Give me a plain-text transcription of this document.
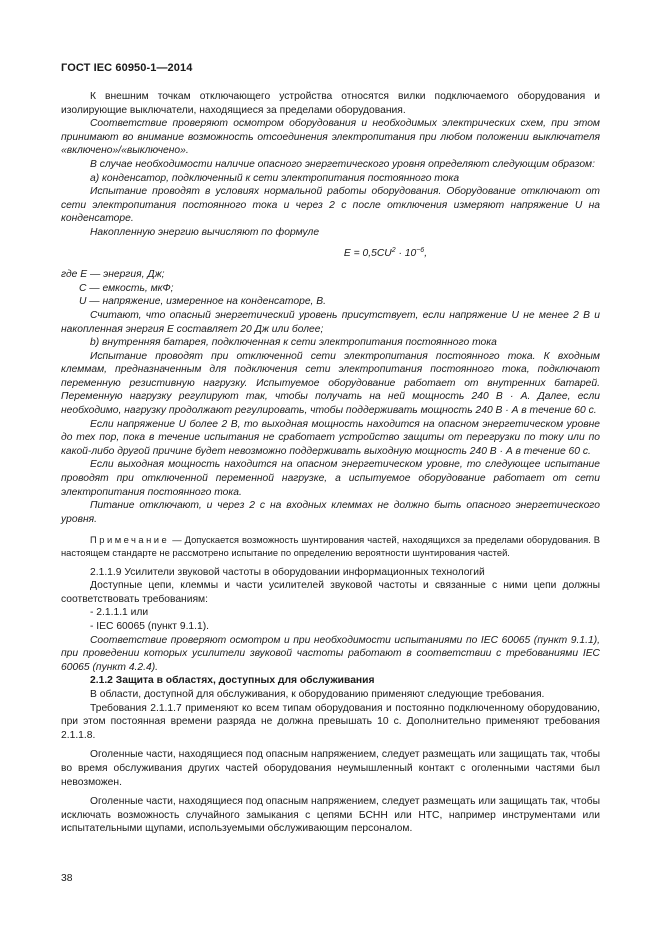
ГОСТ IEC 60950-1—2014

К внешним точкам отключающего устройства относятся вилки подключаемого оборудования и изолирующие выключатели, находящиеся за пределами оборудования.

Соответствие проверяют осмотром оборудования и необходимых электрических схем, при этом принимают во внимание возможность отсоединения электропитания при любом положении выключателя «включено»/«выключено».

В случае необходимости наличие опасного энергетического уровня определяют следующим образом:

а) конденсатор, подключенный к сети электропитания постоянного тока

Испытание проводят в условиях нормальной работы оборудования. Оборудование отключают от сети электропитания постоянного тока и через 2 с после отключения измеряют напряжение U на конденсаторе.

Накопленную энергию вычисляют по формуле

$E = 0,5CU^2 \cdot 10^{-6}$,

где E — энергия, Дж;

C — емкость, мкФ;

U — напряжение, измеренное на конденсаторе, В.

Считают, что опасный энергетический уровень присутствует, если напряжение U не менее 2 В и накопленная энергия E составляет 20 Дж или более;

b) внутренняя батарея, подключенная к сети электропитания постоянного тока

Испытание проводят при отключенной сети электропитания постоянного тока. К входным клеммам, предназначенным для подключения сети электропитания постоянного тока, подключают переменную резистивную нагрузку. Испытуемое оборудование работает от внутренних батарей. Переменную нагрузку регулируют так, чтобы получать на ней мощность 240 В · А. Далее, если необходимо, нагрузку продолжают регулировать, чтобы поддерживать мощность 240 В · А в течение 60 с.

Если напряжение U более 2 В, то выходная мощность находится на опасном энергетическом уровне до тех пор, пока в течение испытания не сработает устройство защиты от перегрузки по току или по какой-либо другой причине будет невозможно поддерживать выходную мощность 240 В · А в течение 60 с.

Если выходная мощность находится на опасном энергетическом уровне, то следующее испытание проводят при отключенной переменной нагрузке, а испытуемое оборудование работает от сети электропитания постоянного тока.

Питание отключают, и через 2 с на входных клеммах не должно быть опасного энергетического уровня.

Примечание — Допускается возможность шунтирования частей, находящихся за пределами оборудования. В настоящем стандарте не рассмотрено испытание по определению вероятности шунтирования частей.

2.1.1.9 Усилители звуковой частоты в оборудовании информационных технологий

Доступные цепи, клеммы и части усилителей звуковой частоты и связанные с ними цепи должны соответствовать требованиям:

- 2.1.1.1 или

- IEC 60065 (пункт 9.1.1).

Соответствие проверяют осмотром и при необходимости испытаниями по IEC 60065 (пункт 9.1.1), при проведении которых усилители звуковой частоты работают в соответствии с требованиями IEC 60065 (пункт 4.2.4).

2.1.2 Защита в областях, доступных для обслуживания

В области, доступной для обслуживания, к оборудованию применяют следующие требования.

Требования 2.1.1.7 применяют ко всем типам оборудования и постоянно подключенному оборудованию, при этом постоянная времени разряда не должна превышать 10 с. Дополнительно применяют требования 2.1.1.8.

Оголенные части, находящиеся под опасным напряжением, следует размещать или защищать так, чтобы во время обслуживания других частей оборудования неумышленный контакт с оголенными частями был невозможен.

Оголенные части, находящиеся под опасным напряжением, следует размещать или защищать так, чтобы исключать возможность случайного замыкания с цепями БСНН или НТС, например инструментами или испытательными щупами, используемыми обслуживающим персоналом.

38
